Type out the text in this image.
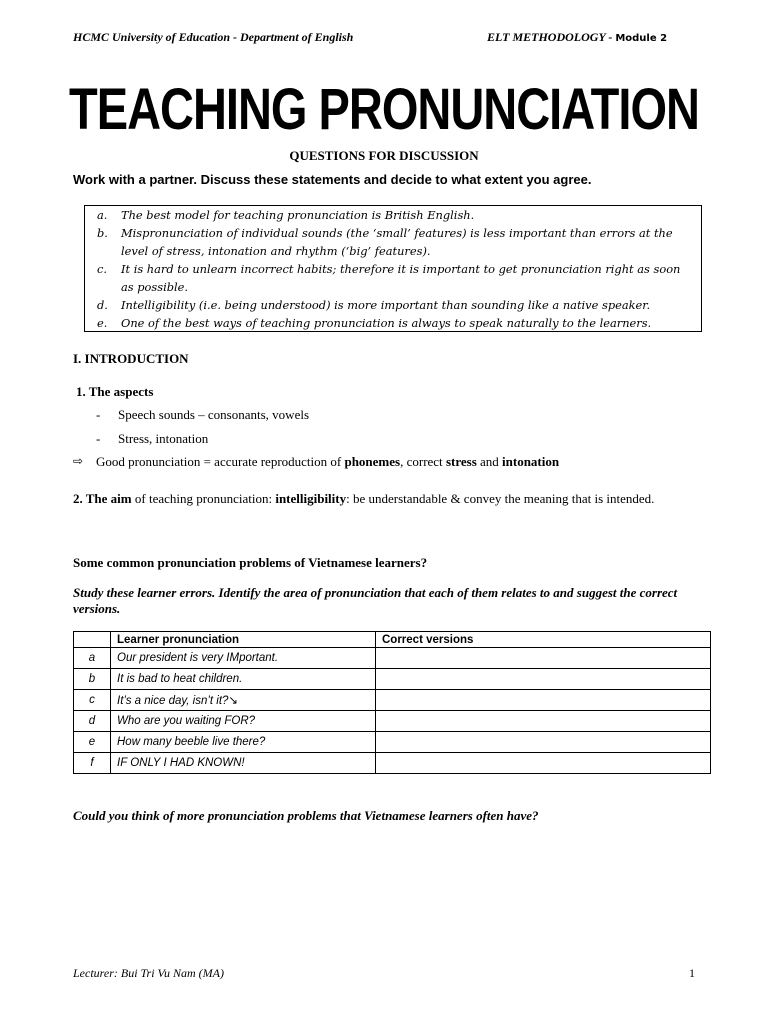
HCMC University of Education - Department of English	ELT METHODOLOGY - Module 2
TEACHING PRONUNCIATION
QUESTIONS FOR DISCUSSION
Work with a partner. Discuss these statements and decide to what extent you agree.
a.	The best model for teaching pronunciation is British English.
b.	Mispronunciation of individual sounds (the ‘small’ features) is less important than errors at the level of stress, intonation and rhythm (‘big’ features).
c.	It is hard to unlearn incorrect habits; therefore it is important to get pronunciation right as soon as possible.
d.	Intelligibility (i.e. being understood) is more important than sounding like a native speaker.
e.	One of the best ways of teaching pronunciation is always to speak naturally to the learners.
I. INTRODUCTION
1. The aspects
-	Speech sounds – consonants, vowels
-	Stress, intonation
⇨ Good pronunciation = accurate reproduction of phonemes, correct stress and intonation
2. The aim of teaching pronunciation: intelligibility: be understandable & convey the meaning that is intended.
Some common pronunciation problems of Vietnamese learners?
Study these learner errors. Identify the area of pronunciation that each of them relates to and suggest the correct versions.
	Learner pronunciation	Correct versions
a	Our president is very IMportant.	
b	It is bad to heat children.	
c	It’s a nice day, isn’t it?↘	
d	Who are you waiting FOR?	
e	How many beeble live there?	
f	IF ONLY I HAD KNOWN!	
Could you think of more pronunciation problems that Vietnamese learners often have?
Lecturer: Bui Tri Vu Nam (MA)	1
